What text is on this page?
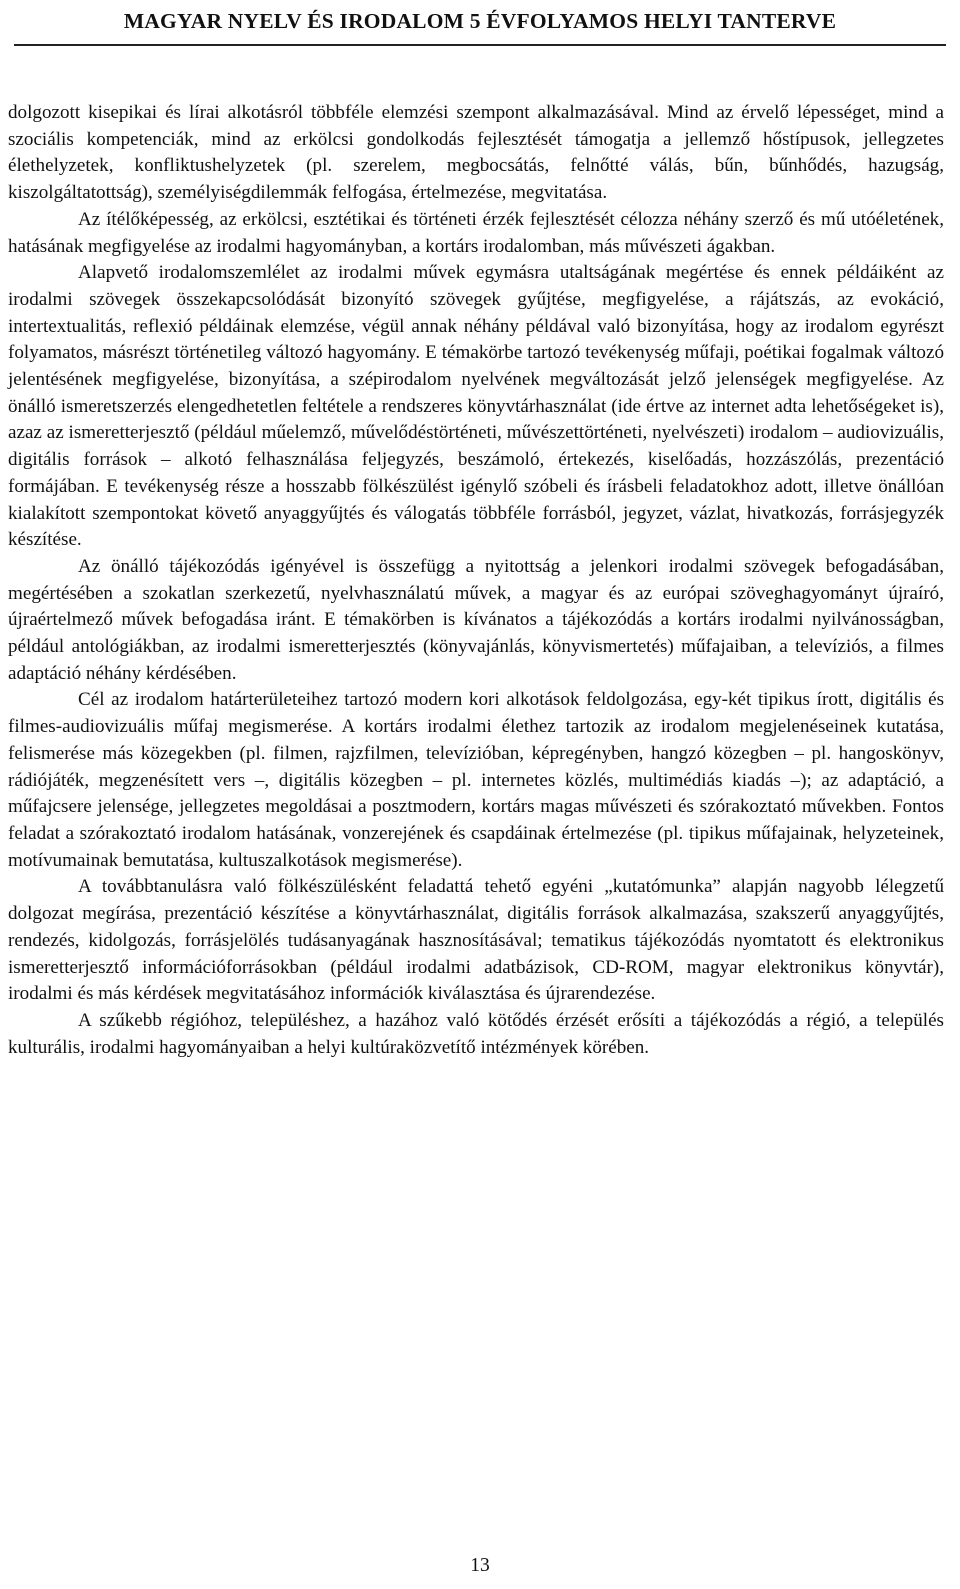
MAGYAR NYELV ÉS IRODALOM 5 ÉVFOLYAMOS HELYI TANTERVE

dolgozott kisepikai és lírai alkotásról többféle elemzési szempont alkalmazásával. Mind az érvelő lépességet, mind a szociális kompetenciák, mind az erkölcsi gondolkodás fejlesztését támogatja a jellemző hőstípusok, jellegzetes élethelyzetek, konfliktushelyzetek (pl. szerelem, megbocsátás, felnőtté válás, bűn, bűnhődés, hazugság, kiszolgáltatottság), személyiségdilemmák felfogása, értelmezése, megvitatása.

Az ítélőképesség, az erkölcsi, esztétikai és történeti érzék fejlesztését célozza néhány szerző és mű utóéletének, hatásának megfigyelése az irodalmi hagyományban, a kortárs irodalomban, más művészeti ágakban.

Alapvető irodalomszemlélet az irodalmi művek egymásra utaltságának megértése és ennek példáiként az irodalmi szövegek összekapcsolódását bizonyító szövegek gyűjtése, megfigyelése, a rájátszás, az evokáció, intertextualitás, reflexió példáinak elemzése, végül annak néhány példával való bizonyítása, hogy az irodalom egyrészt folyamatos, másrészt történetileg változó hagyomány. E témakörbe tartozó tevékenység műfaji, poétikai fogalmak változó jelentésének megfigyelése, bizonyítása, a szépirodalom nyelvének megváltozását jelző jelenségek megfigyelése. Az önálló ismeretszerzés elengedhetetlen feltétele a rendszeres könyvtárhasználat (ide értve az internet adta lehetőségeket is), azaz az ismeretterjesztő (például műelemző, művelődéstörténeti, művészettörténeti, nyelvészeti) irodalom – audiovizuális, digitális források – alkotó felhasználása feljegyzés, beszámoló, értekezés, kiselőadás, hozzászólás, prezentáció formájában. E tevékenység része a hosszabb fölkészülést igénylő szóbeli és írásbeli feladatokhoz adott, illetve önállóan kialakított szempontokat követő anyaggyűjtés és válogatás többféle forrásból, jegyzet, vázlat, hivatkozás, forrásjegyzék készítése.

Az önálló tájékozódás igényével is összefügg a nyitottság a jelenkori irodalmi szövegek befogadásában, megértésében a szokatlan szerkezetű, nyelvhasználatú művek, a magyar és az európai szöveghagyományt újraíró, újraértelmező művek befogadása iránt. E témakörben is kívánatos a tájékozódás a kortárs irodalmi nyilvánosságban, például antológiákban, az irodalmi ismeretterjesztés (könyvajánlás, könyvismertetés) műfajaiban, a televíziós, a filmes adaptáció néhány kérdésében.

Cél az irodalom határterületeihez tartozó modern kori alkotások feldolgozása, egy-két tipikus írott, digitális és filmes-audiovizuális műfaj megismerése. A kortárs irodalmi élethez tartozik az irodalom megjelenéseinek kutatása, felismerése más közegekben (pl. filmen, rajzfilmen, televízióban, képregényben, hangzó közegben – pl. hangoskönyv, rádiójáték, megzenésített vers –, digitális közegben – pl. internetes közlés, multimédiás kiadás –); az adaptáció, a műfajcsere jelensége, jellegzetes megoldásai a posztmodern, kortárs magas művészeti és szórakoztató művekben. Fontos feladat a szórakoztató irodalom hatásának, vonzerejének és csapdáinak értelmezése (pl. tipikus műfajainak, helyzeteinek, motívumainak bemutatása, kultuszalkotások megismerése).

A továbbtanulásra való fölkészülésként feladattá tehető egyéni „kutatómunka” alapján nagyobb lélegzetű dolgozat megírása, prezentáció készítése a könyvtárhasználat, digitális források alkalmazása, szakszerű anyaggyűjtés, rendezés, kidolgozás, forrásjelölés tudásanyagának hasznosításával; tematikus tájékozódás nyomtatott és elektronikus ismeretterjesztő információforrásokban (például irodalmi adatbázisok, CD-ROM, magyar elektronikus könyvtár), irodalmi és más kérdések megvitatásához információk kiválasztása és újrarendezése.

A szűkebb régióhoz, településhez, a hazához való kötődés érzését erősíti a tájékozódás a régió, a település kulturális, irodalmi hagyományaiban a helyi kultúraközvetítő intézmények körében.

13
